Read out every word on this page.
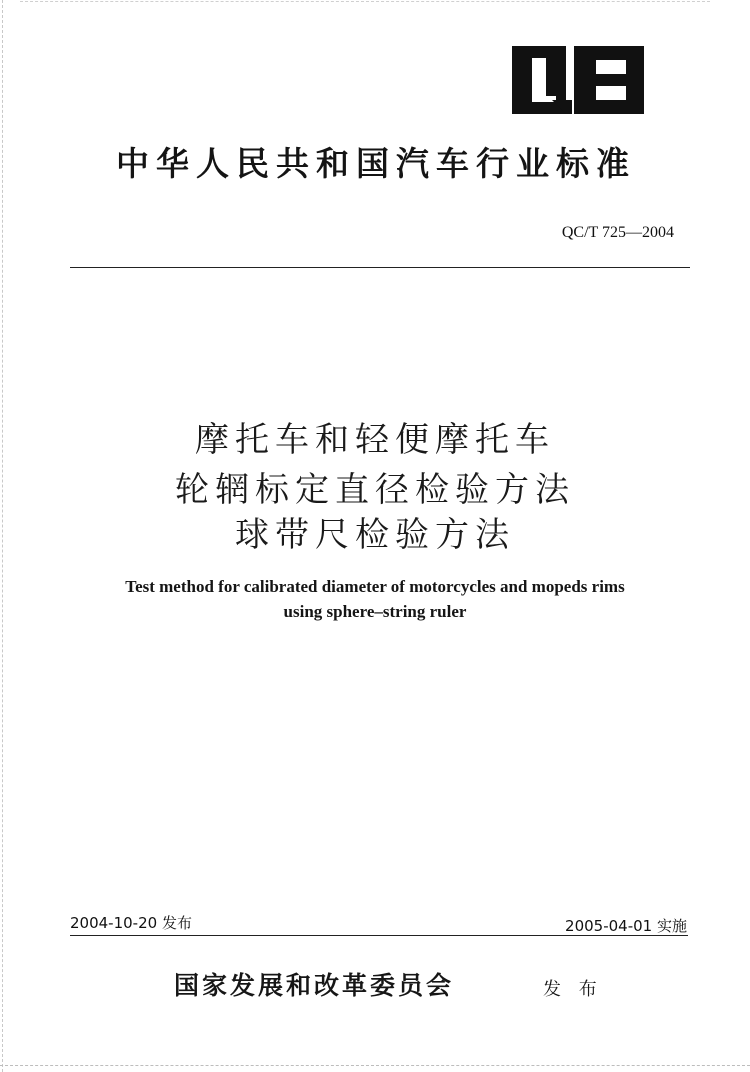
中华人民共和国汽车行业标准
QC/T 725—2004
摩托车和轻便摩托车
轮辋标定直径检验方法
球带尺检验方法
Test method for calibrated diameter of motorcycles and mopeds rims
using sphere–string ruler
2004-10-20 发布	2005-04-01 实施
国家发展和改革委员会	发 布
